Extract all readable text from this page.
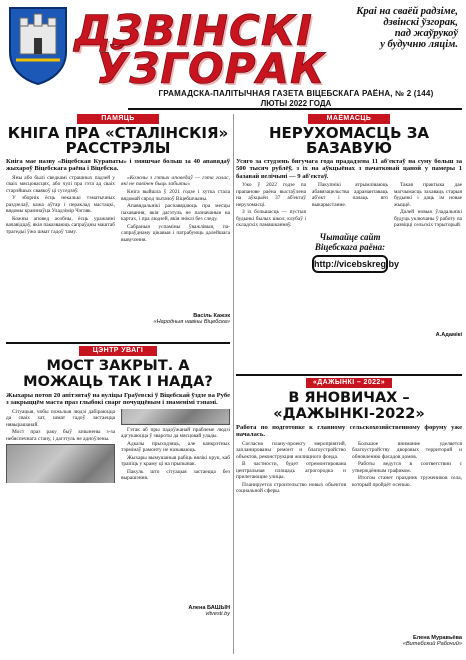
ДЗВІНСКІ
ЎЗГОРАК
Краі на сваёй радзіме,
дзвінскі ўзгорак,
пад жаўрукоў
у будучню ляцім.
ГРАМАДСКА-ПАЛІТЫЧНАЯ ГАЗЕТА ВІЦЕБСКАГА РАЁНА, № 2 (144)
ЛЮТЫ 2022 ГОДА
ПАМЯЦЬ
КНІГА ПРА «СТАЛІНСКІЯ» РАССТРЭЛЫ
Кніга мае назву «Віцебская Курапаты» і змяшчае больш за 40 апавядаў жыхароў Віцебскага раёна і Віцебска.

Яны або былі сведкамі страшных падзей у сваіх мясцовасцях, або чулі пра гэта ад сваіх старэйшых сваякоў ці суседзяў.

У зборнік ёсць некалькі тэматычных раздзелаў, кажа аўтар і пераклад мастацкі, вядомы краязнаўца Уладзімір Чэгляк.

Кожны аповед асобны, ёсць уражанні вачавідцаў, якія паказваюць сапраўдны маштаб трагедыі ўжо шмат гадоў таму.

«Кожны з гэтых аповедаў — гэта голас, які не павінен быць забыты»

Кніга выйшла ў 2021 годзе і хутка стала вядомай сярод чытачоў Віцебшчыны.

Апавядальнікі распавядаюць пра месцы пахавання, якія дагэтуль не пазначаныя на картах, і пра людзей, якія зніклі без следу.

Сабраныя успаміны ўважлівыя, па-сапраўднаму цікавыя і патрабуюць далейшага вывучэння.

Васіль Кажэк
«Народныя навіны Віцебска»
ЦЭНТР УВАГІ
МОСТ ЗАКРЫТ. А МОЖАЦЬ ТАК І НАДА?
Жыхары потоп 20 апітэнтаў на вуліцы Граўевскі ў Віцебскай ўздзе ва Рубе з закрыццём маста праз глыбокі сварг почуццёвым і знаменімі тэпамі.

Сітуацыя, чобы пожьлыя людзі дабіраюцца да сваіх хат, шмат гадоў застаецца нявырашанай.

Мост праз раку быў зачынены з-за небяспечнага стану, і дагэтуль не адноўлены.

Гэтак аб пры падоўжанай праблеме людзі адгукаюцца ў звароты да мясцовай улады.

Адказы прыходзяць, але канкрэтных тэрмінаў рамонту не называюць.

Жыхары вымушаныя рабіць вялікі крук, каб трапіць у краму ці на прыпынак.

Пакуль што сітуацыя застаецца без вырашэння.

Алена БАШЫН
vitvesti.by
МАЁМАСЦЬ
НЕРУХОМАСЦЬ ЗА БАЗАВУЮ
Усяго за студзень бягучага года прададзена 11 аб'ектаў на суму больш за 500 тысяч рублёў, з іх на аўкцыёнах з пачатковай цаной у памеры 1 базавай велічыні — 9 аб'ектаў.

Ужо ў 2022 годзе па прапанове раёна выстаўлена на аўкцыён 37 аб'ектаў нерухомасці.

З іх большасць — пустыя будынкі былых школ, клубаў і складскіх памяшканняў.

Чытайце сайт Віцебскага раёна:
http://vicebskreg.by

Пакупнікі атрымліваюць абавязацельства адрамантаваць аб'ект і пачаць яго выкарыстанне.

Такая практыка дае магчымасць захаваць старыя будынкі і даць ім новае жыццё.

Далей новыя ўладальнікі будуць уключаны ў работу па развіцці сельскіх тэрыторый.

А.Адамікі
«ДАЖЫНКІ – 2022»
В ЯНОВИЧАХ – «ДАЖЫНКІ-2022»
Работа по подготовке к главному сельскохозяйственному форуму уже началась.

Согласно плану-проекту мероприятий, запланированы ремонт и благоустройство объектов, реконструкция жилищного фонда.

В частности, будет отремонтирована центральная площадь агрогородка и прилегающие улицы.

Планируется строительство новых объектов социальной сферы.

Большое внимание уделяется благоустройству дворовых территорий и обновлению фасадов домов.

Работы ведутся в соответствии с утверждённым графиком.

Итогом станет праздник тружеников села, который пройдёт осенью.

Елена Муравьёва
«Витебский Рабочий»
